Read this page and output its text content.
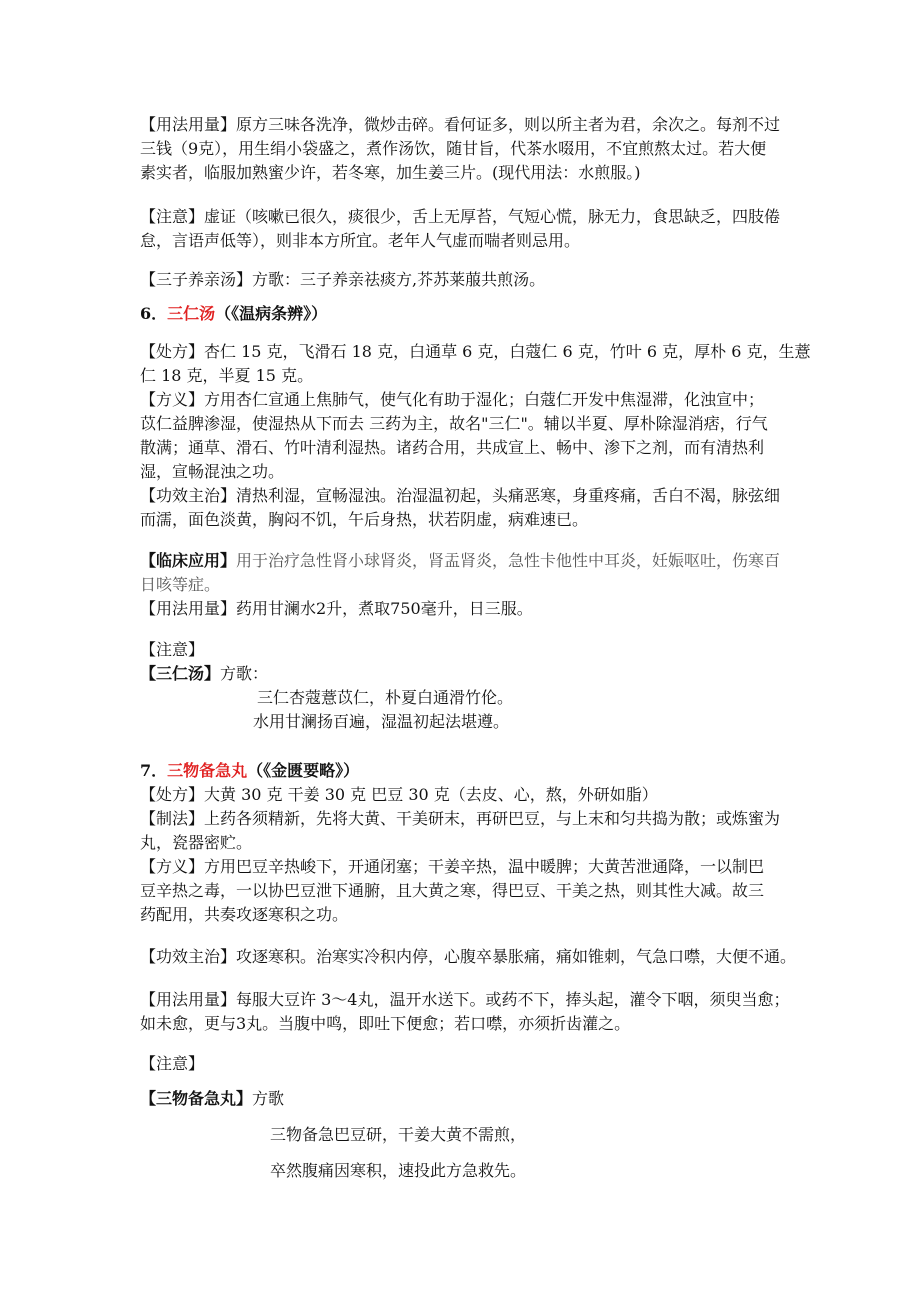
【用法用量】原方三味各洗净，微炒击碎。看何证多，则以所主者为君，余次之。每剂不过
三钱（9克），用生绢小袋盛之，煮作汤饮，随甘旨，代茶水啜用，不宜煎熬太过。若大便
素实者，临服加熟蜜少许，若冬寒，加生姜三片。(现代用法：水煎服。)
【注意】虚证（咳嗽已很久，痰很少，舌上无厚苔，气短心慌，脉无力，食思缺乏，四肢倦
怠，言语声低等），则非本方所宜。老年人气虚而喘者则忌用。
【三子养亲汤】方歌：三子养亲祛痰方,芥苏莱菔共煎汤。
6．三仁汤（《温病条辨》）
【处方】杏仁 15 克，飞滑石 18 克，白通草 6 克，白蔻仁 6 克，竹叶 6 克，厚朴 6 克，生薏
仁 18 克，半夏 15 克。
【方义】方用杏仁宣通上焦肺气，使气化有助于湿化；白蔻仁开发中焦湿滞，化浊宣中；
苡仁益脾渗湿，使湿热从下而去 三药为主，故名"三仁"。辅以半夏、厚朴除湿消痞，行气
散满；通草、滑石、竹叶清利湿热。诸药合用，共成宣上、畅中、渗下之剂，而有清热利
湿，宣畅混浊之功。
【功效主治】清热利湿，宣畅湿浊。治湿温初起，头痛恶寒，身重疼痛，舌白不渴，脉弦细
而濡，面色淡黄，胸闷不饥，午后身热，状若阴虚，病难速已。
【临床应用】用于治疗急性肾小球肾炎，肾盂肾炎，急性卡他性中耳炎，妊娠呕吐，伤寒百
日咳等症。
【用法用量】药用甘澜水2升，煮取750毫升，日三服。
【注意】
【三仁汤】方歌：
三仁杏蔻薏苡仁，朴夏白通滑竹伦。
水用甘澜扬百遍，湿温初起法堪遵。
7．三物备急丸（《金匮要略》）
【处方】大黄 30 克 干姜 30 克 巴豆 30 克（去皮、心，熬，外研如脂）
【制法】上药各须精新，先将大黄、干美研末，再研巴豆，与上末和匀共捣为散；或炼蜜为
丸，瓷器密贮。
【方义】方用巴豆辛热峻下，开通闭塞；干姜辛热，温中暖脾；大黄苦泄通降，一以制巴
豆辛热之毒，一以协巴豆泄下通腑，且大黄之寒，得巴豆、干美之热，则其性大减。故三
药配用，共奏攻逐寒积之功。
【功效主治】攻逐寒积。治寒实冷积内停，心腹卒暴胀痛，痛如锥刺，气急口噤，大便不通。
【用法用量】每服大豆许 3～4丸，温开水送下。或药不下，捧头起，灌令下咽，须臾当愈；
如未愈，更与3丸。当腹中鸣，即吐下便愈；若口噤，亦须折齿灌之。
【注意】
【三物备急丸】方歌
三物备急巴豆研，干姜大黄不需煎，
卒然腹痛因寒积，速投此方急救先。
